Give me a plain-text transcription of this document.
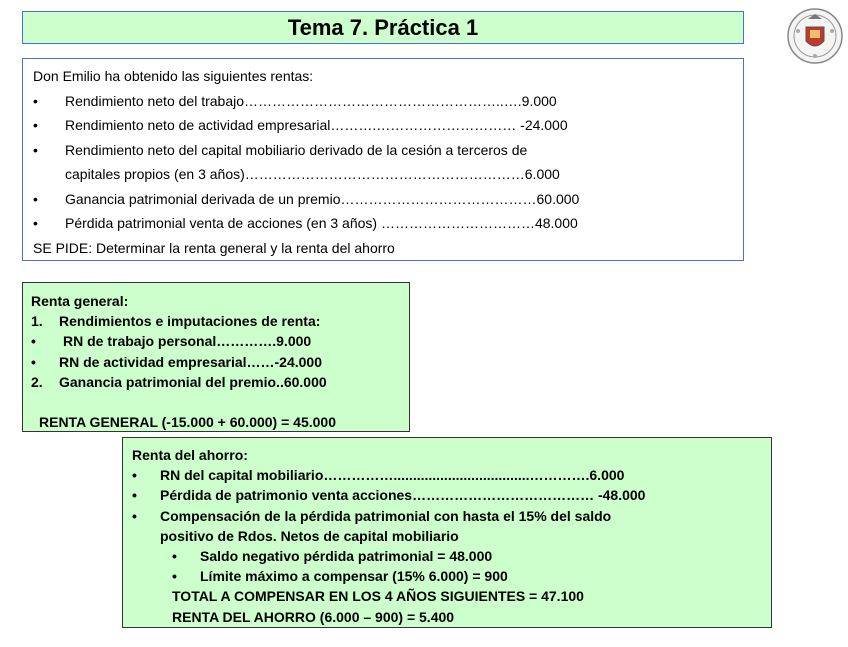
Tema 7. Práctica 1
Don Emilio ha obtenido las siguientes rentas:
•	Rendimiento neto del trabajo………………………………………………..….9.000
•	Rendimiento neto de actividad empresarial……….………………………… -24.000
•	Rendimiento neto del capital mobiliario derivado de la cesión a terceros de
capitales propios (en 3 años)……………………………………………………6.000
•	Ganancia patrimonial derivada de un premio……………………………………60.000
•	Pérdida patrimonial venta de acciones (en 3 años) ……………………………48.000
SE PIDE: Determinar la renta general y la renta del ahorro
Renta general:
1.	Rendimientos e imputaciones de renta:
•	RN de trabajo personal………….9.000
•	RN de actividad empresarial……-24.000
2.	Ganancia patrimonial del premio..60.000
RENTA GENERAL (-15.000 + 60.000) = 45.000
Renta del ahorro:
•	RN del capital mobiliario……………...................................………….6.000
•	Pérdida de patrimonio venta acciones………………………………… -48.000
•	Compensación de la pérdida patrimonial con hasta el 15% del saldo
positivo de Rdos. Netos de capital mobiliario
•	Saldo negativo pérdida patrimonial = 48.000
•	Límite máximo a compensar (15% 6.000) = 900
TOTAL A COMPENSAR EN LOS 4 AÑOS SIGUIENTES = 47.100
RENTA DEL AHORRO (6.000 – 900) = 5.400
